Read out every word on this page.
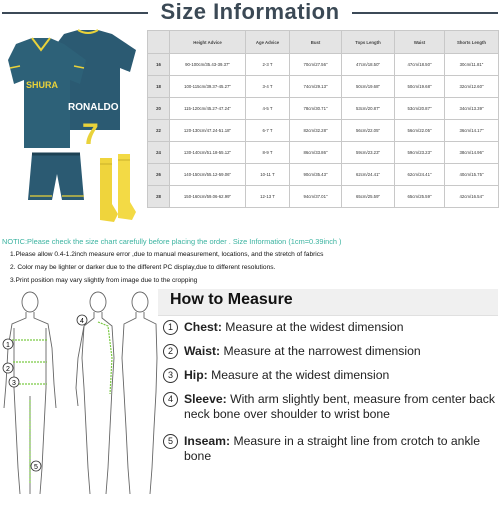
Size Information
SHURA
RONALDO
7
	Height Advice	Age Advice	Bust	Tops Length	Waist	Shorts Length
16	90-100cm/35.43-39.37"	2-3 T	70cm/27.56"	47cm/18.50"	47cm/18.50"	30cm/11.81"
18	100-115cm/39.37-45.27"	3-4 T	74cm/29.13"	50cm/19.68"	50cm/19.68"	32cm/12.60"
20	115-120cm/45.27-47.24"	4-5 T	78cm/30.71"	53cm/20.87"	53cm/20.87"	34cm/13.39"
22	120-130cm/47.24-51.18"	6-7 T	82cm/32.28"	56cm/22.05"	56cm/22.05"	36cm/14.17"
24	130-140cm/51.18-55.12"	8-9 T	86cm/33.86"	59cm/23.23"	59cm/23.23"	38cm/14.96"
26	140-150cm/55.12-59.06"	10-11 T	90cm/35.43"	62cm/24.41"	62cm/24.41"	40cm/15.75"
28	150-160cm/59.06-62.99"	12-13 T	94cm/37.01"	65cm/25.59"	65cm/25.59"	42cm/16.54"
NOTIC:Please check the size chart carefully before placing the order . Size Information (1cm=0.39inch )
1.Please allow 0.4-1.2inch measure error ,due to manual measurement, locations, and the stretch of fabrics
2. Color may be lighter or darker due to the different PC display,due to different resolutions.
3.Print position may vary slightly from image due to the cropping
1
2
3
4
5
How to Measure
1 Chest: Measure at the widest dimension
2 Waist: Measure at the narrowest dimension
3 Hip: Measure at the widest dimension
4 Sleeve: With arm slightly bent, measure from center back neck bone over shoulder to wrist bone
5 Inseam: Measure in a straight line from crotch to ankle bone
